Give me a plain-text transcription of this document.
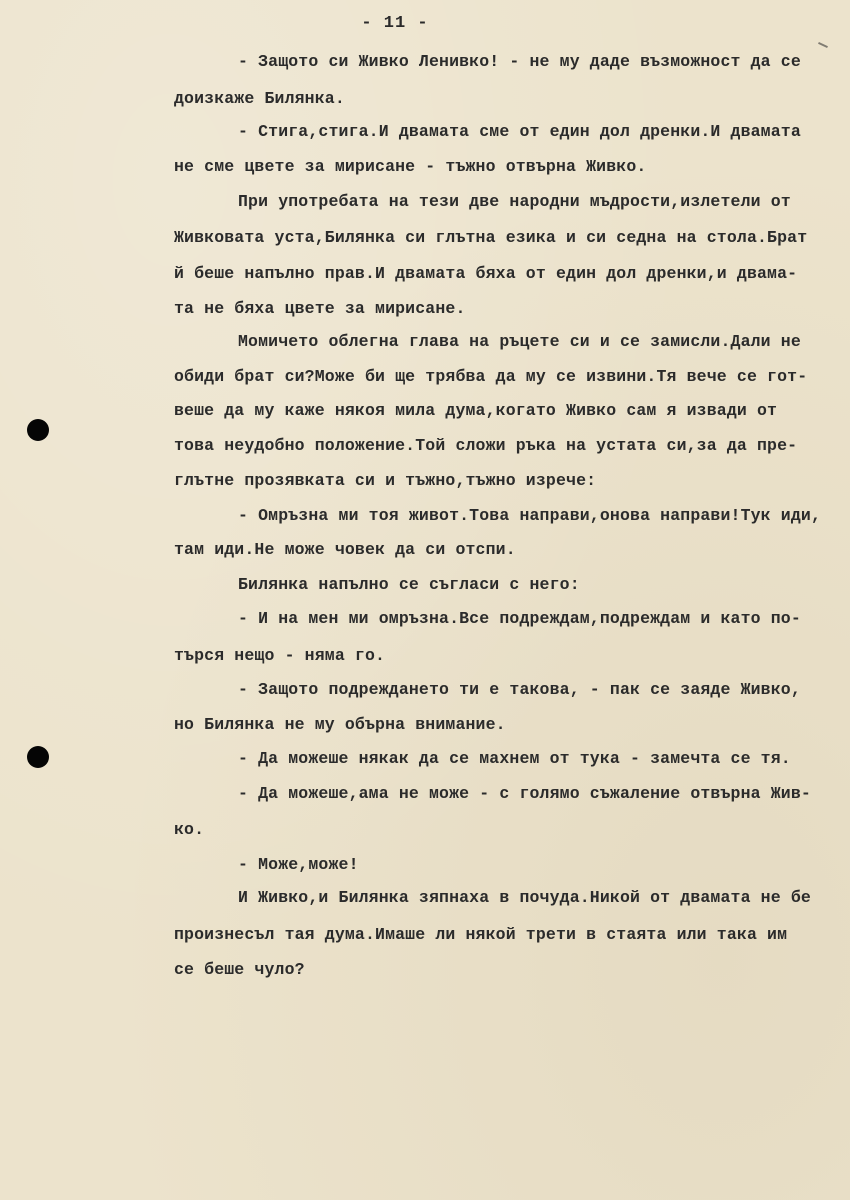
- 11 -
- Защото си Живко Ленивко! - не му даде възможност да се
доизкаже Билянка.
- Стига,стига.И двамата сме от един дол дренки.И двамата
не сме цвете за мирисане - тъжно отвърна Живко.
При употребата на тези две народни мъдрости,излетели от
Живковата уста,Билянка си глътна езика и си седна на стола.Брат
й беше напълно прав.И двамата бяха от един дол дренки,и двама-
та не бяха цвете за мирисане.
Момичето облегна глава на ръцете си и се замисли.Дали не
обиди брат си?Може би ще трябва да му се извини.Тя вече се гот-
веше да му каже някоя мила дума,когато Живко сам я извади от
това неудобно положение.Той сложи ръка на устата си,за да пре-
глътне прозявката си и тъжно,тъжно изрече:
- Омръзна ми тоя живот.Това направи,онова направи!Тук иди,
там иди.Не може човек да си отспи.
Билянка напълно се съгласи с него:
- И на мен ми омръзна.Все подреждам,подреждам и като по-
търся нещо - няма го.
- Защото подреждането ти е такова, - пак се заяде Живко,
но Билянка не му обърна внимание.
- Да можеше някак да се махнем от тука - замечта се тя.
- Да можеше,ама не може - с голямо съжаление отвърна Жив-
ко.
- Може,може!
И Живко,и Билянка зяпнаха в почуда.Никой от двамата не бе
произнесъл тая дума.Имаше ли някой трети в стаята или така им
се беше чуло?
